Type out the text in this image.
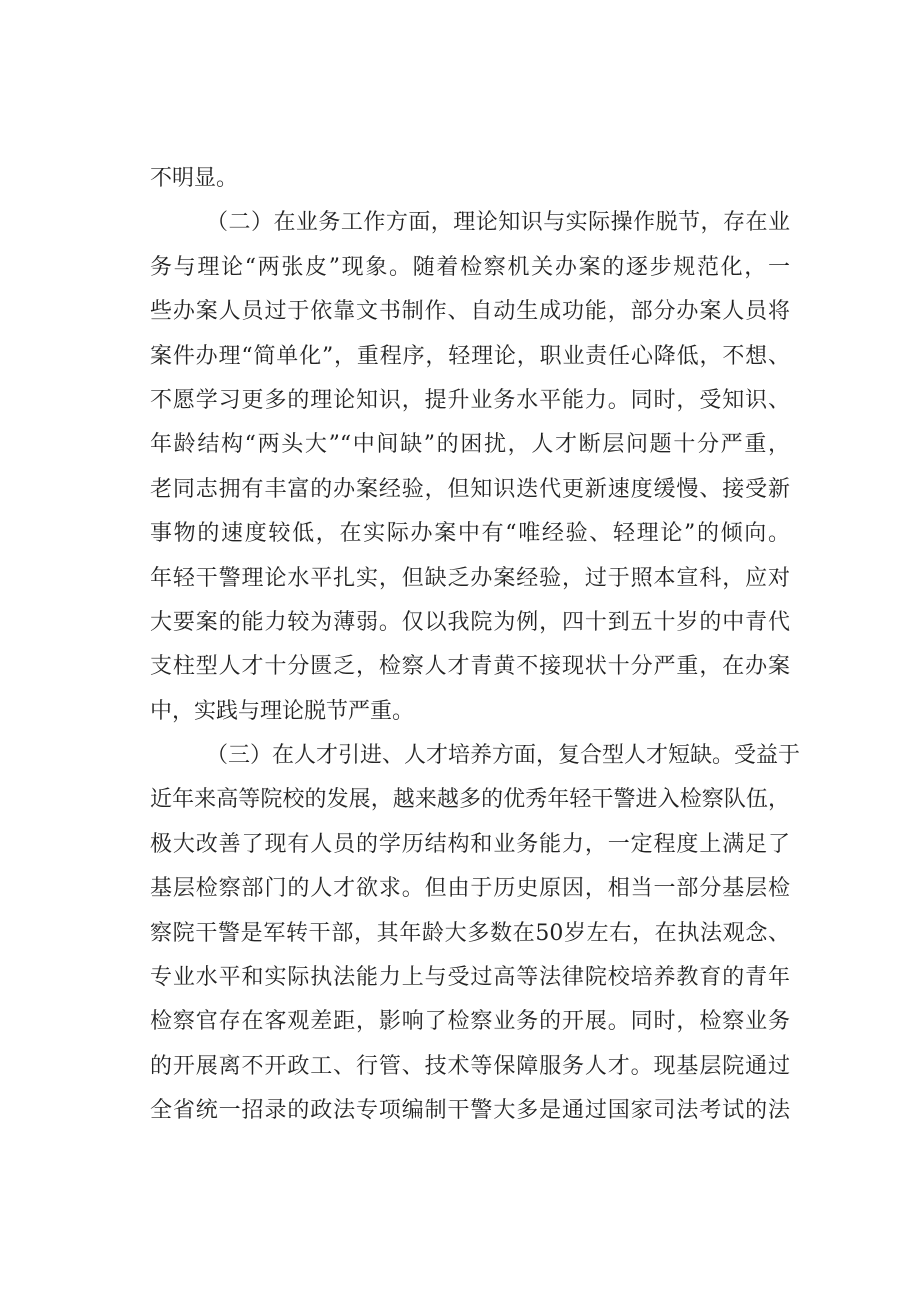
不明显。
（二）在业务工作方面，理论知识与实际操作脱节，存在业
务与理论“两张皮”现象。随着检察机关办案的逐步规范化，一
些办案人员过于依靠文书制作、自动生成功能，部分办案人员将
案件办理“简单化”，重程序，轻理论，职业责任心降低，不想、
不愿学习更多的理论知识，提升业务水平能力。同时，受知识、
年龄结构“两头大”“中间缺”的困扰，人才断层问题十分严重，
老同志拥有丰富的办案经验，但知识迭代更新速度缓慢、接受新
事物的速度较低，在实际办案中有“唯经验、轻理论”的倾向。
年轻干警理论水平扎实，但缺乏办案经验，过于照本宣科，应对
大要案的能力较为薄弱。仅以我院为例，四十到五十岁的中青代
支柱型人才十分匮乏，检察人才青黄不接现状十分严重，在办案
中，实践与理论脱节严重。
（三）在人才引进、人才培养方面，复合型人才短缺。受益于
近年来高等院校的发展，越来越多的优秀年轻干警进入检察队伍，
极大改善了现有人员的学历结构和业务能力，一定程度上满足了
基层检察部门的人才欲求。但由于历史原因，相当一部分基层检
察院干警是军转干部，其年龄大多数在50岁左右，在执法观念、
专业水平和实际执法能力上与受过高等法律院校培养教育的青年
检察官存在客观差距，影响了检察业务的开展。同时，检察业务
的开展离不开政工、行管、技术等保障服务人才。现基层院通过
全省统一招录的政法专项编制干警大多是通过国家司法考试的法
